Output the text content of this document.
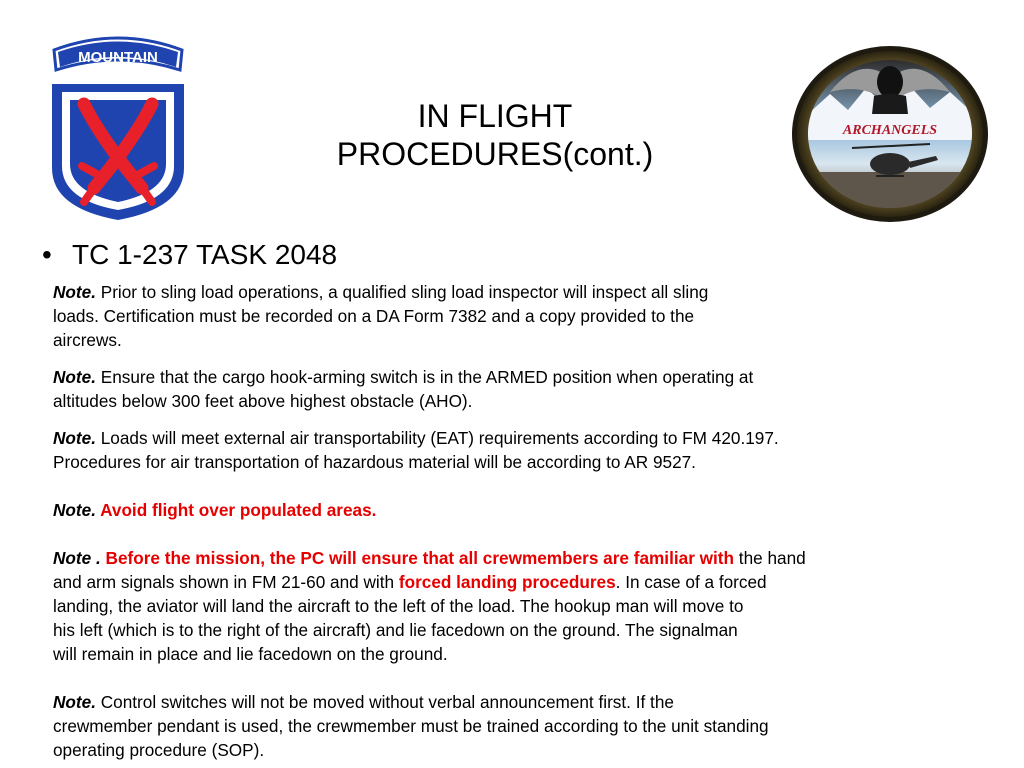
MOUNTAIN
IN FLIGHT
PROCEDURES(cont.)
ARCHANGELS
• TC 1-237 TASK 2048
Note. Prior to sling load operations, a qualified sling load inspector will inspect all sling
loads. Certification must be recorded on a DA Form 7382 and a copy provided to the
aircrews.
Note. Ensure that the cargo hook-arming switch is in the ARMED position when operating at
altitudes below 300 feet above highest obstacle (AHO).
Note. Loads will meet external air transportability (EAT) requirements according to FM 420.197.
Procedures for air transportation of hazardous material will be according to AR 9527.
Note. Avoid flight over populated areas.
Note . Before the mission, the PC will ensure that all crewmembers are familiar with the hand
and arm signals shown in FM 21-60 and with forced landing procedures. In case of a forced
landing, the aviator will land the aircraft to the left of the load. The hookup man will move to
his left (which is to the right of the aircraft) and lie facedown on the ground. The signalman
will remain in place and lie facedown on the ground.
Note. Control switches will not be moved without verbal announcement first. If the
crewmember pendant is used, the crewmember must be trained according to the unit standing
operating procedure (SOP).
